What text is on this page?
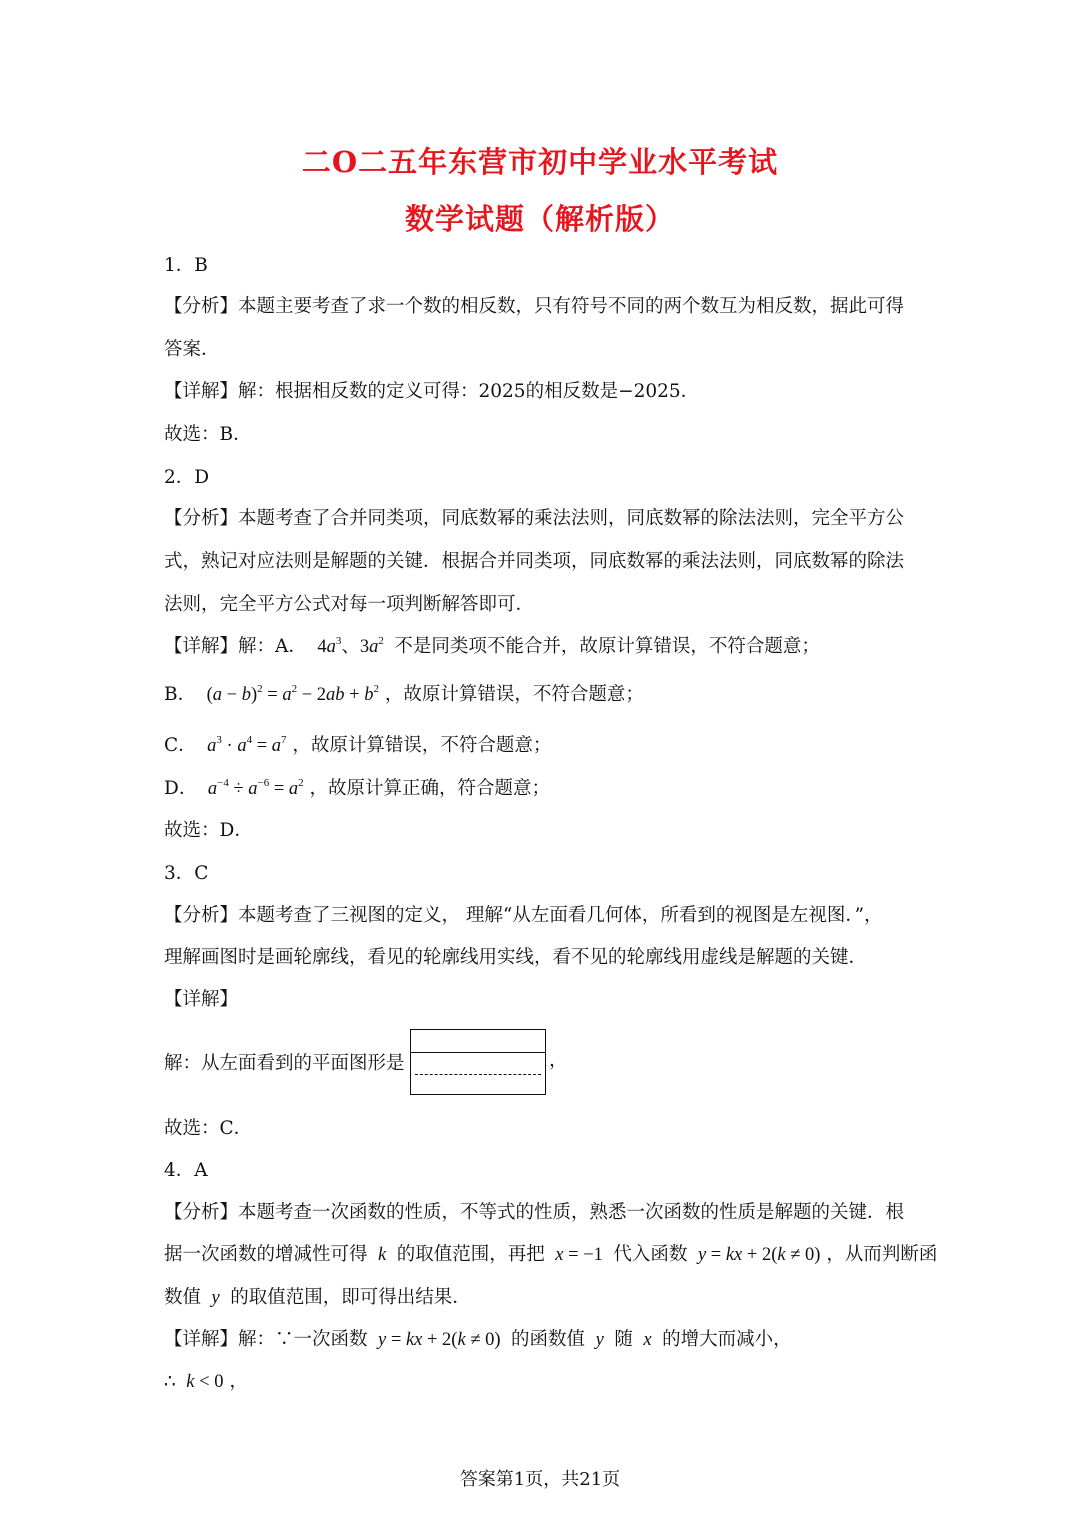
二O二五年东营市初中学业水平考试
数学试题（解析版）
1．B
【分析】本题主要考查了求一个数的相反数，只有符号不同的两个数互为相反数，据此可得
答案．
【详解】解：根据相反数的定义可得：2025的相反数是−2025．
故选：B．
2．D
【分析】本题考查了合并同类项，同底数幂的乘法法则，同底数幂的除法法则，完全平方公
式，熟记对应法则是解题的关键．根据合并同类项，同底数幂的乘法法则，同底数幂的除法
法则，完全平方公式对每一项判断解答即可．
【详解】解：A．  $4a^3$、$3a^2$ 不是同类项不能合并，故原计算错误，不符合题意；
B．  $(a - b)^2 = a^2 - 2ab + b^2$ ，故原计算错误，不符合题意；
C． $a^3 \cdot a^4 = a^7$ ，故原计算错误，不符合题意；
D． $a^{-4} \div a^{-6} = a^2$ ，故原计算正确，符合题意；
故选：D．
3．C
【分析】本题考查了三视图的定义， 理解“从左面看几何体，所看到的视图是左视图．”，
理解画图时是画轮廓线，看见的轮廓线用实线，看不见的轮廓线用虚线是解题的关键．
【详解】
解：从左面看到的平面图形是	，
故选：C．
4．A
【分析】本题考查一次函数的性质，不等式的性质，熟悉一次函数的性质是解题的关键．根
据一次函数的增减性可得  k  的取值范围，再把 x = −1  代入函数 y = kx + 2(k ≠ 0) ，从而判断函
数值  y  的取值范围，即可得出结果．
【详解】解：∵一次函数 y = kx + 2(k ≠ 0)  的函数值  y  随  x  的增大而减小，
∴ k < 0 ，
答案第1页，共21页
